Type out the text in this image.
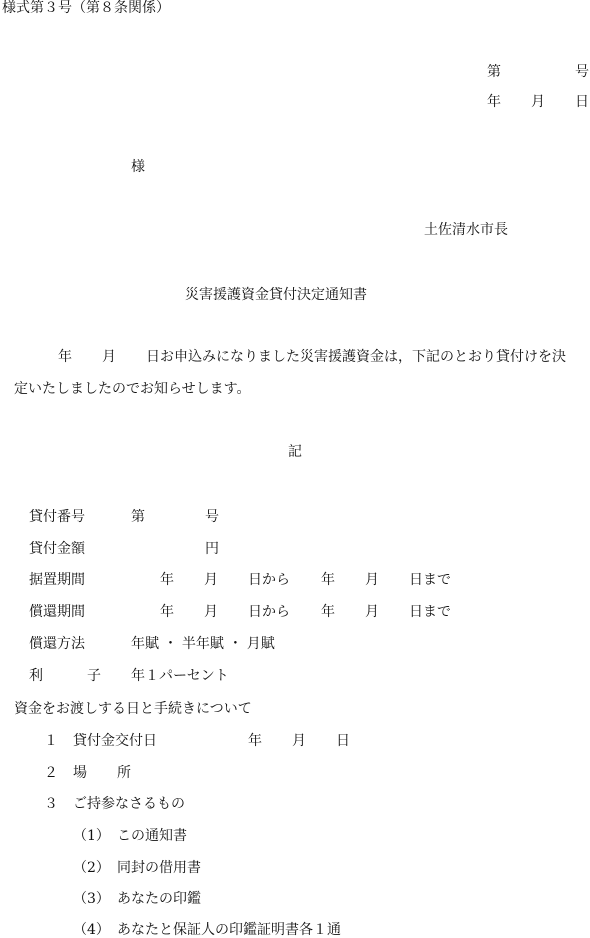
様式第３号（第８条関係）
第	号
年 月 日
様
土佐清水市長
災害援護資金貸付決定通知書
年 月 日お申込みになりました災害援護資金は，下記のとおり貸付けを決
定いたしましたのでお知らせします。
記
貸付番号	第	号
貸付金額	円
据置期間	年 月 日から 年 月 日まで
償還期間	年 月 日から 年 月 日まで
償還方法	年賦 ・ 半年賦 ・ 月賦
利	子 年１パーセント
資金をお渡しする日と手続きについて
１ 貸付金交付日	年 月 日
２ 場 所
３ ご持参なさるもの
（1） この通知書
（2） 同封の借用書
（3） あなたの印鑑
（4） あなたと保証人の印鑑証明書各１通
